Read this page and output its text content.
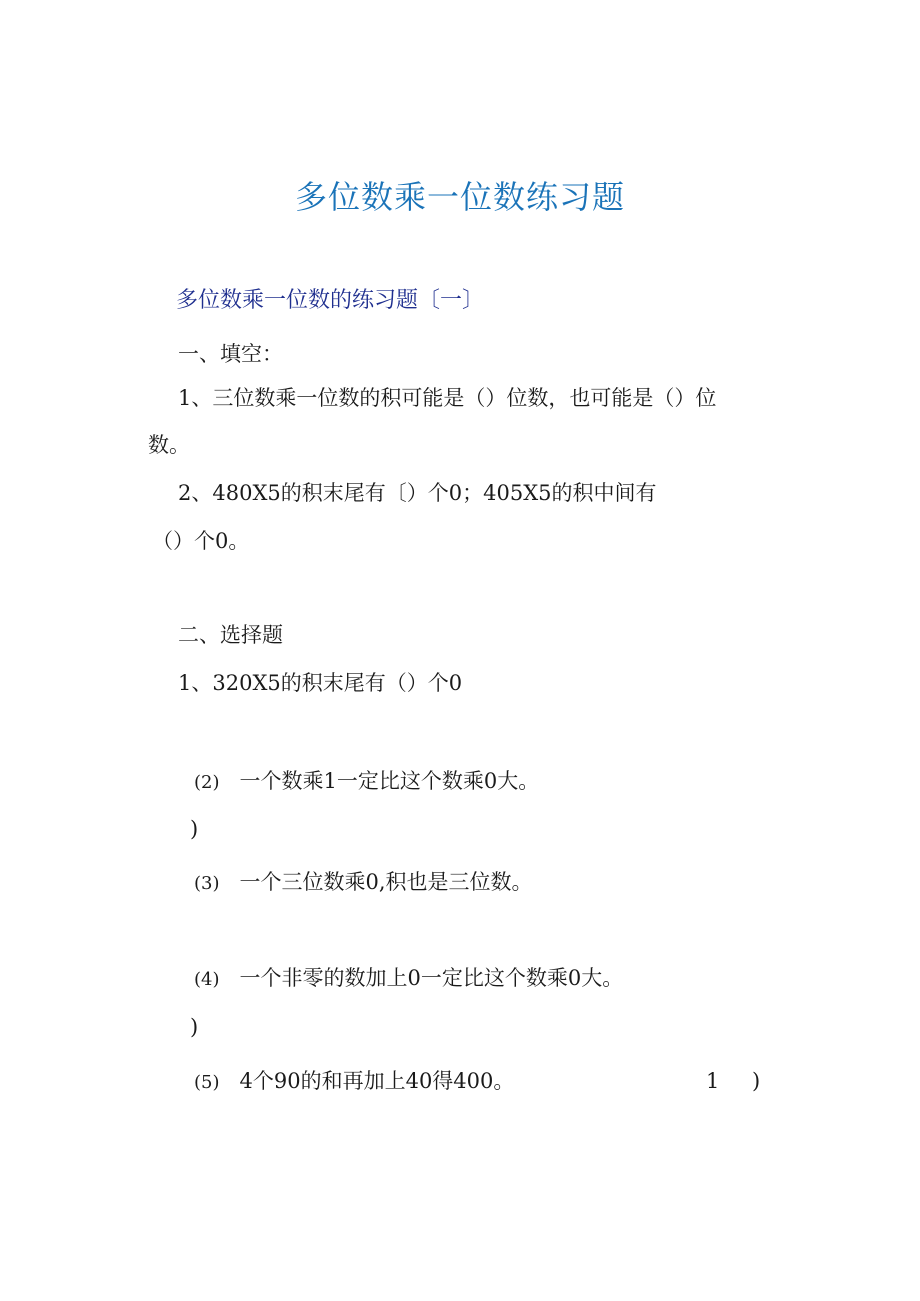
多位数乘一位数练习题
多位数乘一位数的练习题〔一〕
一、填空：
1、三位数乘一位数的积可能是（）位数，也可能是（）位
数。
2、480X5的积末尾有〔）个0；405X5的积中间有
（）个0。
二、选择题
1、320X5的积末尾有（）个0
(2) 一个数乘1一定比这个数乘0大。
)
(3) 一个三位数乘0,积也是三位数。
(4) 一个非零的数加上0一定比这个数乘0大。
)
(5) 4个90的和再加上40得400。	1 )
